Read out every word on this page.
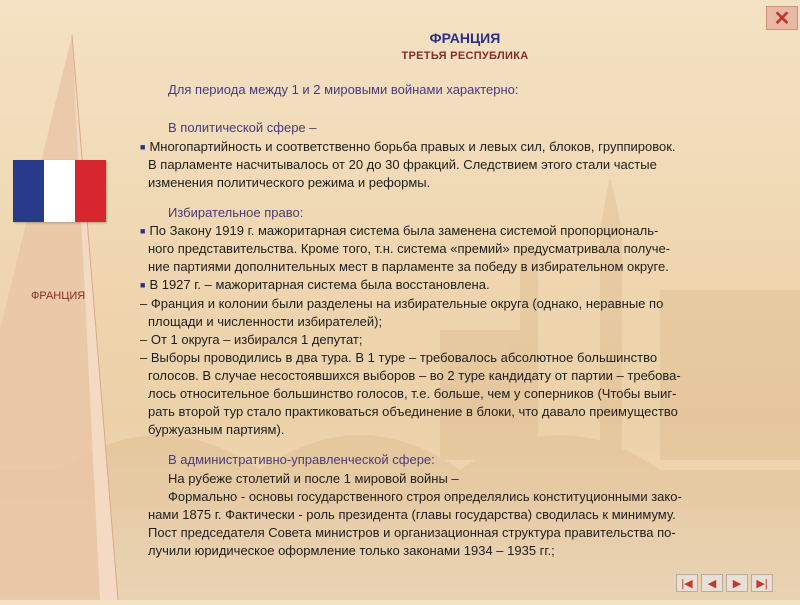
✕
ФРАНЦИЯ
ТРЕТЬЯ РЕСПУБЛИКА
ФРАНЦИЯ
Для периода между 1 и 2 мировыми войнами характерно:
В политической сфере –
■ Многопартийность и соответственно борьба правых и левых сил, блоков, группировок.
В парламенте насчитывалось от 20 до 30 фракций. Следствием этого стали частые
изменения политического режима и реформы.
Избирательное право:
■ По Закону 1919 г. мажоритарная система была заменена системой пропорциональ-
ного представительства. Кроме того, т.н. система «премий» предусматривала получе-
ние партиями дополнительных мест в парламенте за победу в избирательном округе.
■ В 1927 г. – мажоритарная система была восстановлена.
– Франция и колонии были разделены на избирательные округа (однако, неравные по
площади и численности избирателей);
– От 1 округа – избирался 1 депутат;
– Выборы проводились в два тура. В 1 туре – требовалось абсолютное большинство
голосов. В случае несостоявшихся выборов – во 2 туре кандидату от партии – требова-
лось относительное большинство голосов, т.е. больше, чем у соперников (Чтобы выиг-
рать второй тур стало практиковаться объединение в блоки, что давало преимущество
буржуазным партиям).
В административно-управленческой сфере:
На рубеже столетий и после 1 мировой войны –
Формально - основы государственного строя определялись конституционными зако-
нами 1875 г. Фактически - роль президента (главы государства) сводилась к минимуму.
Пост председателя Совета министров и организационная структура правительства по-
лучили юридическое оформление только законами 1934 – 1935 гг.;
|◀ ◀ ▶ ▶|
